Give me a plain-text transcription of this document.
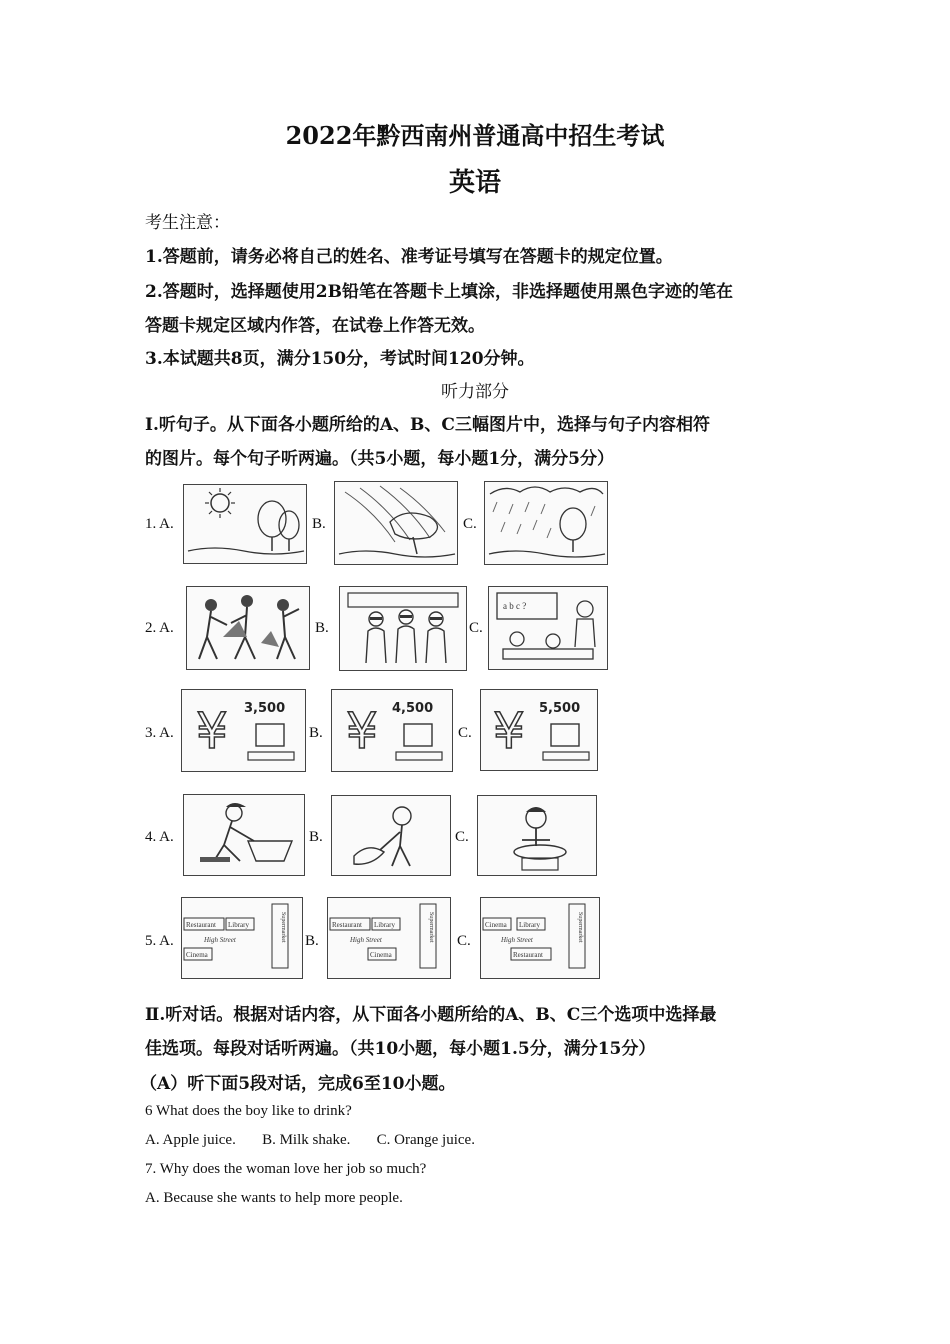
2022年黔西南州普通高中招生考试
英语
考生注意：
1.答题前，请务必将自己的姓名、准考证号填写在答题卡的规定位置。
2.答题时，选择题使用2B铅笔在答题卡上填涂，非选择题使用黑色字迹的笔在
答题卡规定区域内作答，在试卷上作答无效。
3.本试题共8页，满分150分，考试时间120分钟。
听力部分
Ⅰ.听句子。从下面各小题所给的A、B、C三幅图片中，选择与句子内容相符
的图片。每个句子听两遍。（共5小题，每小题1分，满分5分）
1. A.	B.	C.
2. A.	B.	C.
a b c ?
3. A. ¥ 3,500
B. ¥ 4,500
C. ¥ 5,500
4. A.	B.	C.
5. A.	Supermarket
Restaurant Library
High Street
Cinema
B.	Supermarket
Restaurant Library
High Street
Cinema
C.	Supermarket
Cinema Library
High Street
Restaurant
Ⅱ.听对话。根据对话内容，从下面各小题所给的A、B、C三个选项中选择最
佳选项。每段对话听两遍。（共10小题，每小题1.5分，满分15分）
（A）听下面5段对话，完成6至10小题。
6 What does the boy like to drink?
A. Apple juice.       B. Milk shake.       C. Orange juice.
7. Why does the woman love her job so much?
A. Because she wants to help more people.
